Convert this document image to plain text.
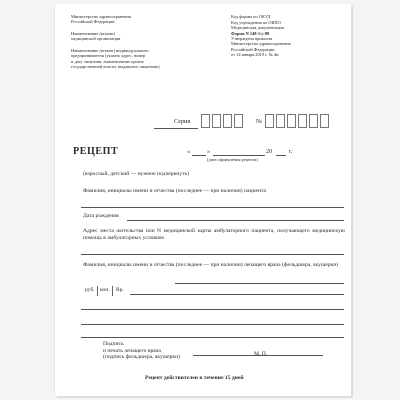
Министерство здравоохранения
Российской Федерации
Наименование (штамп)
медицинской организации
Наименование (штамп) индивидуального
предпринимателя (указать адрес, номер
и дату лицензии, наименование органа
государственной власти, выдавшего лицензию)
Код формы по ОКУД
Код учреждения по ОКПО
Медицинская документация
Форма N 148-1/у-88
Утверждена приказом
Министерства здравоохранения
Российской Федерации
от 14 января 2019 г. № 4н
Серия	№
РЕЦЕПТ	«	»	20	г.
(дата оформления рецепта)
(взрослый, детский — нужное подчеркнуть)
Фамилия, инициалы имени и отчества (последнее — при наличии) пациента
Дата рождения
Адрес места жительства или N медицинской карты амбулаторного пациента, получающего медицинскую помощь в амбулаторных условиях
Фамилия, инициалы имени и отчества (последнее — при наличии) лечащего врача (фельдшера, акушерки)
руб. коп. Rp.
Подпись
и печать лечащего врача
(подпись фельдшера, акушерки)
М. П.
Рецепт действителен в течение 15 дней
